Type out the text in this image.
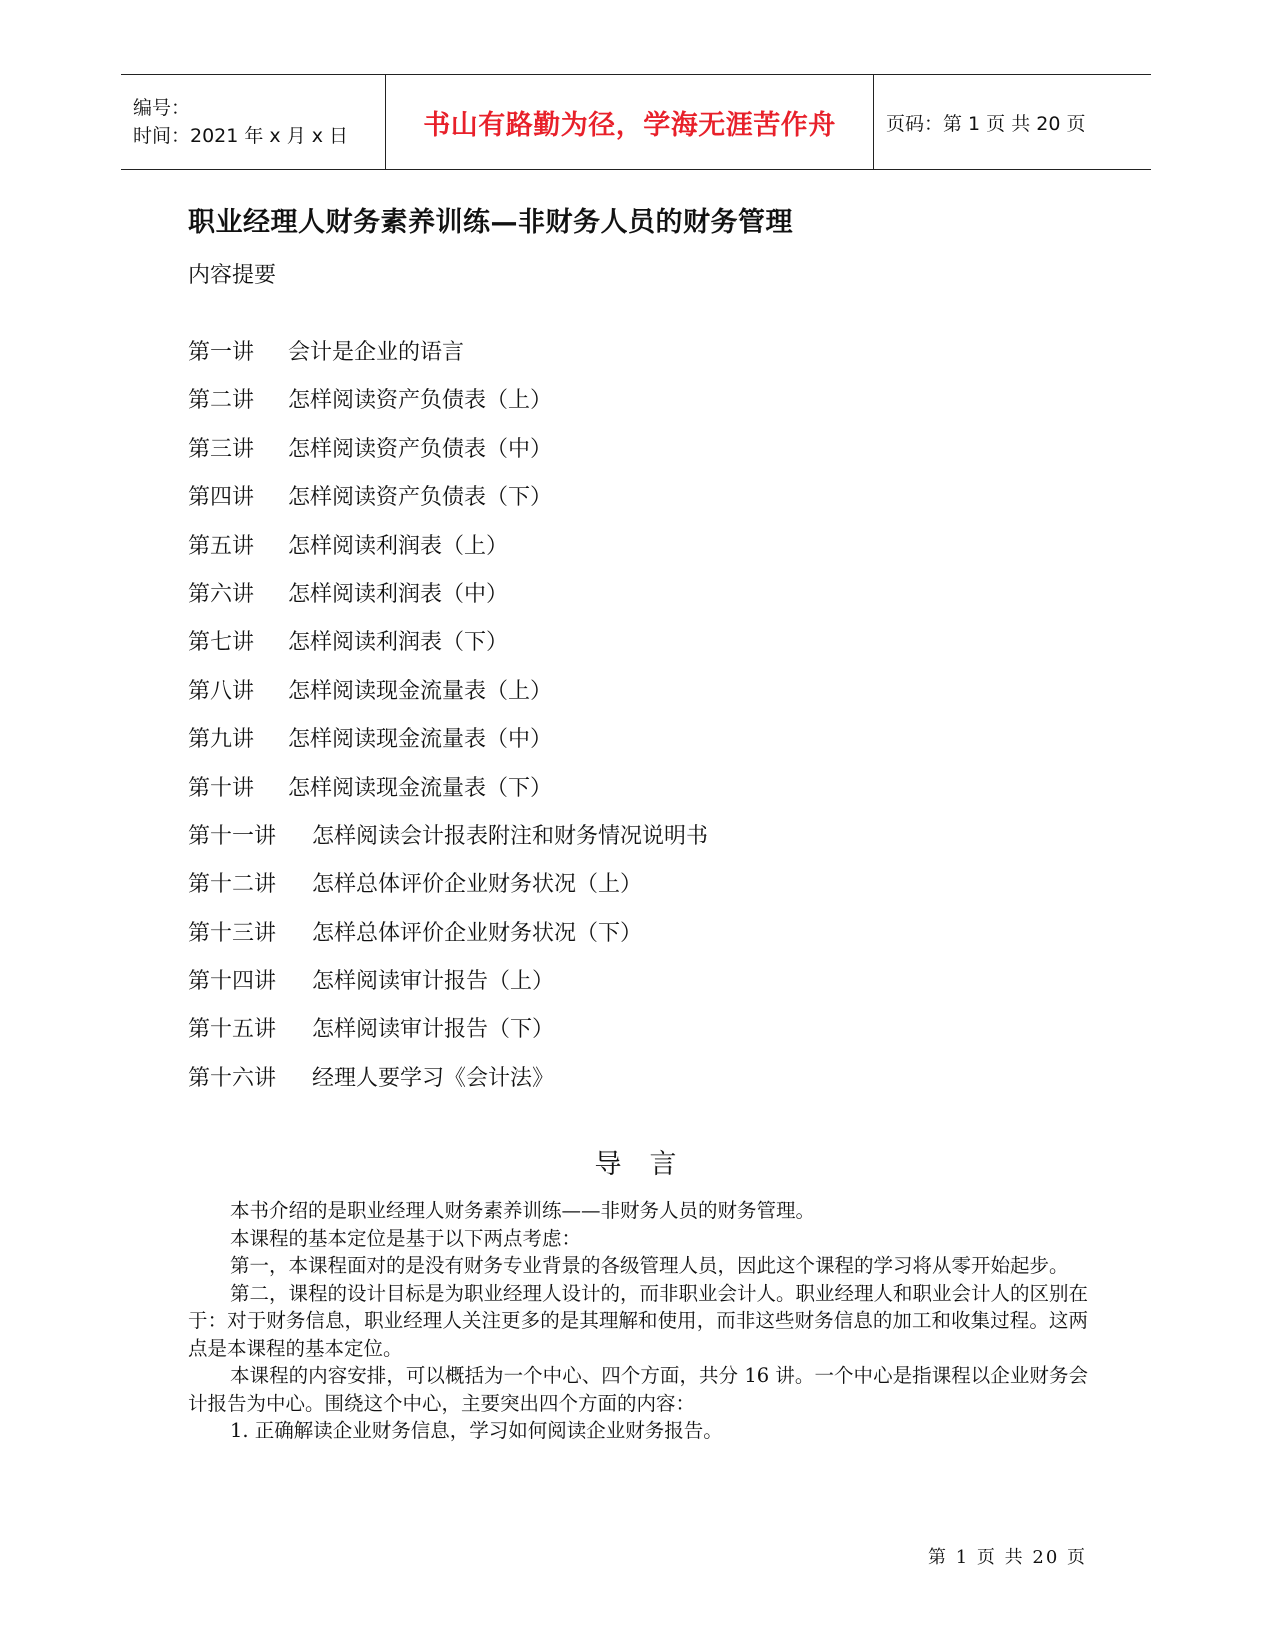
编号：
时间：2021 年 x 月 x 日	书山有路勤为径，学海无涯苦作舟	页码：第 1 页 共 20 页
职业经理人财务素养训练—非财务人员的财务管理
内容提要
第一讲 会计是企业的语言
第二讲 怎样阅读资产负债表（上）
第三讲 怎样阅读资产负债表（中）
第四讲 怎样阅读资产负债表（下）
第五讲 怎样阅读利润表（上）
第六讲 怎样阅读利润表（中）
第七讲 怎样阅读利润表（下）
第八讲 怎样阅读现金流量表（上）
第九讲 怎样阅读现金流量表（中）
第十讲 怎样阅读现金流量表（下）
第十一讲 怎样阅读会计报表附注和财务情况说明书
第十二讲 怎样总体评价企业财务状况（上）
第十三讲 怎样总体评价企业财务状况（下）
第十四讲 怎样阅读审计报告（上）
第十五讲 怎样阅读审计报告（下）
第十六讲 经理人要学习《会计法》
导言

本书介绍的是职业经理人财务素养训练——非财务人员的财务管理。

本课程的基本定位是基于以下两点考虑：

第一，本课程面对的是没有财务专业背景的各级管理人员，因此这个课程的学习将从零开始起步。

第二，课程的设计目标是为职业经理人设计的，而非职业会计人。职业经理人和职业会计人的区别在于：对于财务信息，职业经理人关注更多的是其理解和使用，而非这些财务信息的加工和收集过程。这两点是本课程的基本定位。

本课程的内容安排，可以概括为一个中心、四个方面，共分 16 讲。一个中心是指课程以企业财务会计报告为中心。围绕这个中心，主要突出四个方面的内容：

1. 正确解读企业财务信息，学习如何阅读企业财务报告。

第 1 页 共 20 页
